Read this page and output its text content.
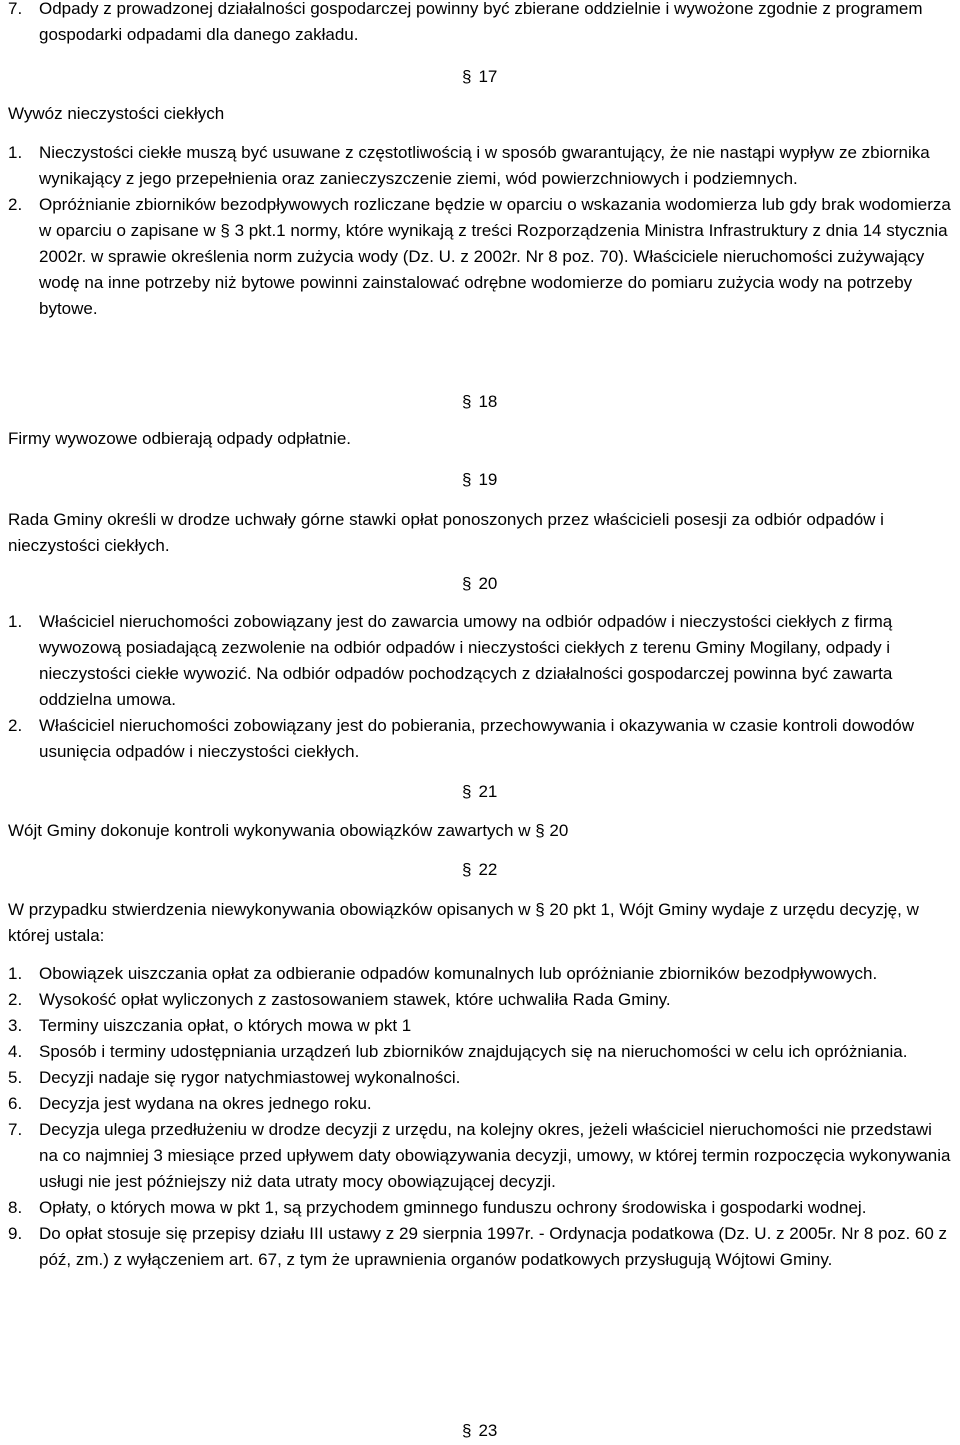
7. Odpady z prowadzonej działalności gospodarczej powinny być zbierane oddzielnie i wywożone zgodnie z programem gospodarki odpadami dla danego zakładu.
§ 17
Wywóz nieczystości ciekłych
1. Nieczystości ciekłe muszą być usuwane z częstotliwością i w sposób gwarantujący, że nie nastąpi wypływ ze zbiornika wynikający z jego przepełnienia oraz zanieczyszczenie ziemi, wód powierzchniowych i podziemnych.
2. Opróżnianie zbiorników bezodpływowych rozliczane będzie w oparciu o wskazania wodomierza lub gdy brak wodomierza w oparciu o zapisane w § 3 pkt.1 normy, które wynikają z treści Rozporządzenia Ministra Infrastruktury z dnia 14 stycznia 2002r. w sprawie określenia norm zużycia wody (Dz. U. z 2002r. Nr 8 poz. 70). Właściciele nieruchomości zużywający wodę na inne potrzeby niż bytowe powinni zainstalować odrębne wodomierze do pomiaru zużycia wody na potrzeby bytowe.
§ 18
Firmy wywozowe odbierają odpady odpłatnie.
§ 19
Rada Gminy określi w drodze uchwały górne stawki opłat ponoszonych przez właścicieli posesji za odbiór odpadów i nieczystości ciekłych.
§ 20
1. Właściciel nieruchomości zobowiązany jest do zawarcia umowy na odbiór odpadów i nieczystości ciekłych z firmą wywozową posiadającą zezwolenie na odbiór odpadów i nieczystości ciekłych z terenu Gminy Mogilany, odpady i nieczystości ciekłe wywozić. Na odbiór odpadów pochodzących z działalności gospodarczej powinna być zawarta oddzielna umowa.
2. Właściciel nieruchomości zobowiązany jest do pobierania, przechowywania i okazywania w czasie kontroli dowodów usunięcia odpadów i nieczystości ciekłych.
§ 21
Wójt Gminy dokonuje kontroli wykonywania obowiązków zawartych w § 20
§ 22
W przypadku stwierdzenia niewykonywania obowiązków opisanych w § 20 pkt 1, Wójt Gminy wydaje z urzędu decyzję, w której ustala:
1. Obowiązek uiszczania opłat za odbieranie odpadów komunalnych lub opróżnianie zbiorników bezodpływowych.
2. Wysokość opłat wyliczonych z zastosowaniem stawek, które uchwaliła Rada Gminy.
3. Terminy uiszczania opłat, o których mowa w pkt 1
4. Sposób i terminy udostępniania urządzeń lub zbiorników znajdujących się na nieruchomości w celu ich opróżniania.
5. Decyzji nadaje się rygor natychmiastowej wykonalności.
6. Decyzja jest wydana na okres jednego roku.
7. Decyzja ulega przedłużeniu w drodze decyzji z urzędu, na kolejny okres, jeżeli właściciel nieruchomości nie przedstawi na co najmniej 3 miesiące przed upływem daty obowiązywania decyzji, umowy, w której termin rozpoczęcia wykonywania usługi nie jest późniejszy niż data utraty mocy obowiązującej decyzji.
8. Opłaty, o których mowa w pkt 1, są przychodem gminnego funduszu ochrony środowiska i gospodarki wodnej.
9. Do opłat stosuje się przepisy działu III ustawy z 29 sierpnia 1997r. - Ordynacja podatkowa (Dz. U. z 2005r. Nr 8 poz. 60 z póź, zm.) z wyłączeniem art. 67, z tym że uprawnienia organów podatkowych przysługują Wójtowi Gminy.
§ 23
